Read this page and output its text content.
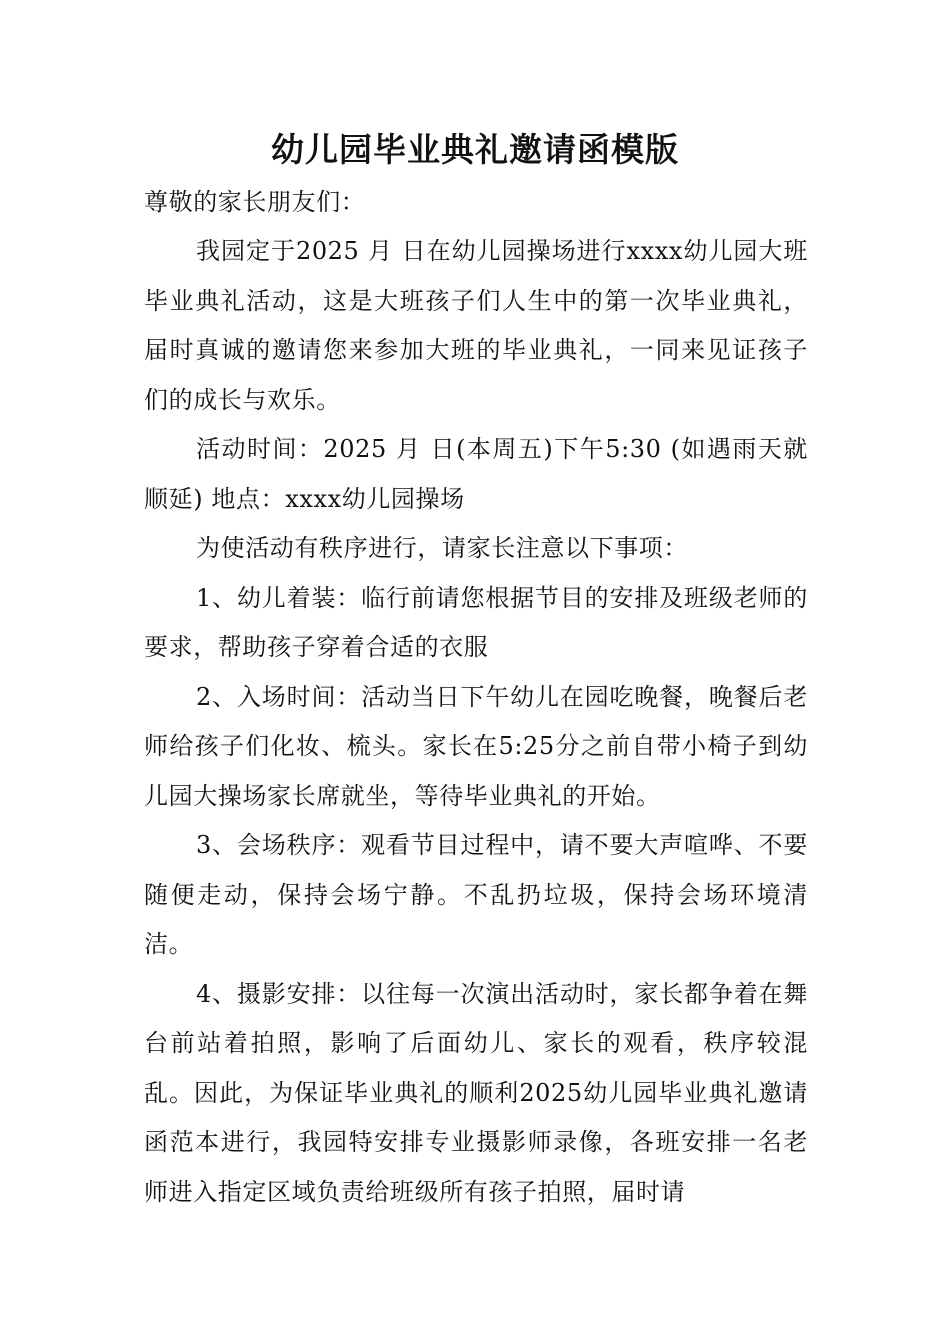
幼儿园毕业典礼邀请函模版

尊敬的家长朋友们：

我园定于2025 月 日在幼儿园操场进行xxxx幼儿园大班毕业典礼活动，这是大班孩子们人生中的第一次毕业典礼，届时真诚的邀请您来参加大班的毕业典礼，一同来见证孩子们的成长与欢乐。

活动时间：2025 月 日(本周五)下午5:30 (如遇雨天就顺延) 地点：xxxx幼儿园操场

为使活动有秩序进行，请家长注意以下事项：

1、幼儿着装：临行前请您根据节目的安排及班级老师的要求，帮助孩子穿着合适的衣服

2、入场时间：活动当日下午幼儿在园吃晚餐，晚餐后老师给孩子们化妆、梳头。家长在5:25分之前自带小椅子到幼儿园大操场家长席就坐，等待毕业典礼的开始。

3、会场秩序：观看节目过程中，请不要大声喧哗、不要随便走动，保持会场宁静。不乱扔垃圾，保持会场环境清洁。

4、摄影安排：以往每一次演出活动时，家长都争着在舞台前站着拍照，影响了后面幼儿、家长的观看，秩序较混乱。因此，为保证毕业典礼的顺利2025幼儿园毕业典礼邀请函范本进行，我园特安排专业摄影师录像，各班安排一名老师进入指定区域负责给班级所有孩子拍照，届时请
